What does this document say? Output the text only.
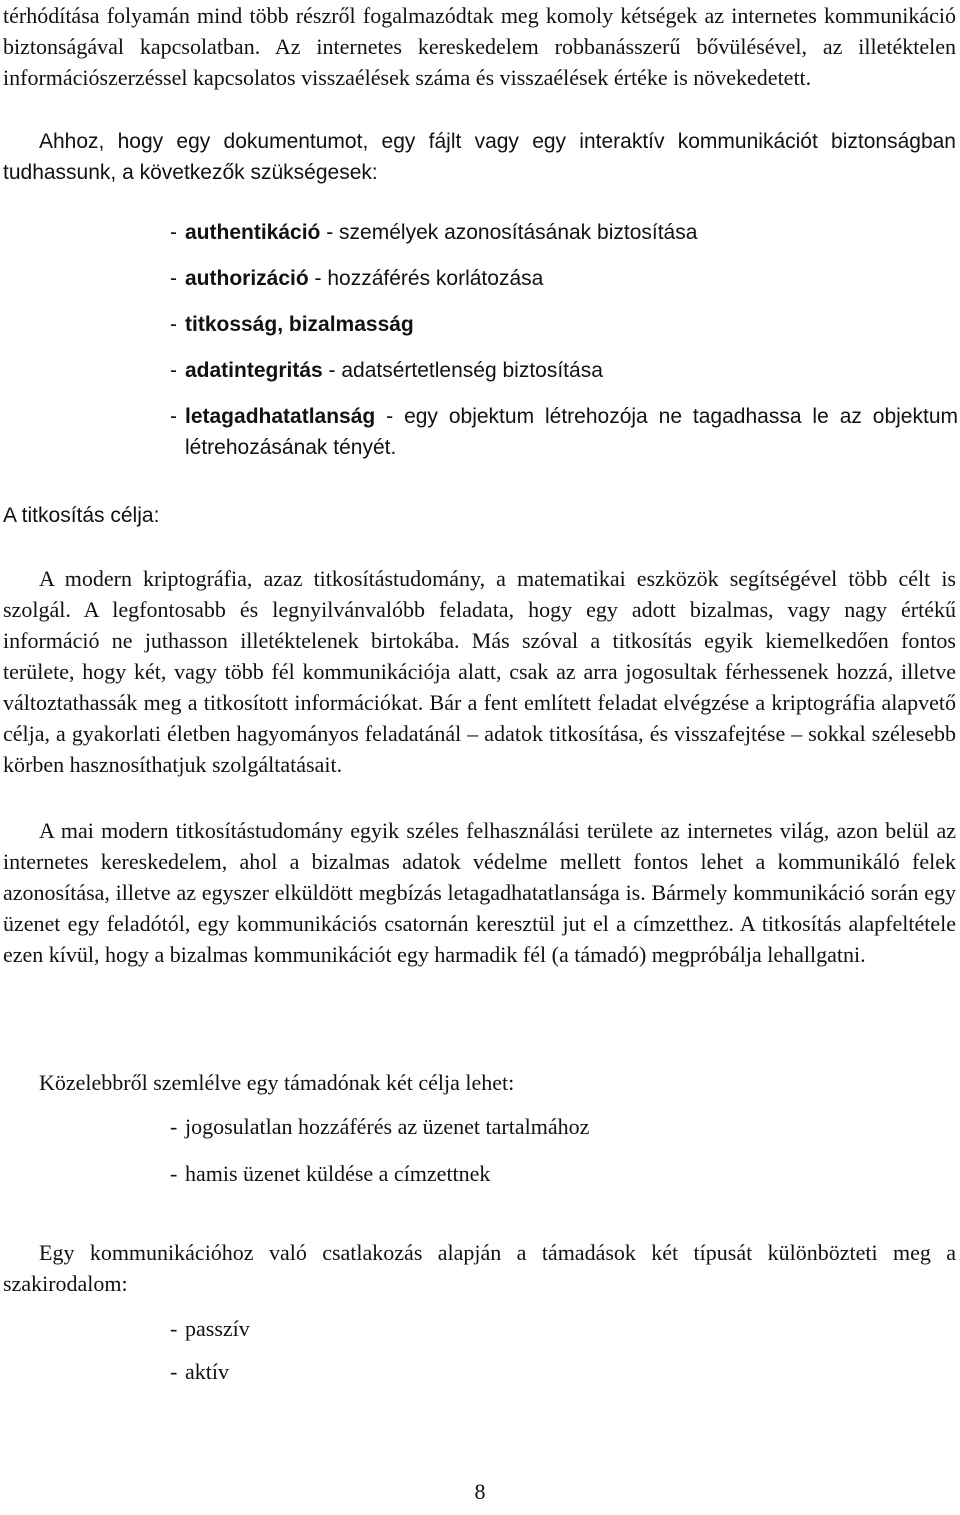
térhódítása folyamán mind több részről fogalmazódtak meg komoly kétségek az internetes kommunikáció biztonságával kapcsolatban. Az internetes kereskedelem robbanásszerű bővülésével, az illetéktelen információszerzéssel kapcsolatos visszaélések száma és visszaélések értéke is növekedetett.

Ahhoz, hogy egy dokumentumot, egy fájlt vagy egy interaktív kommunikációt biztonságban tudhassunk, a következők szükségesek:

- authentikáció - személyek azonosításának biztosítása
- authorizáció - hozzáférés korlátozása
- titkosság, bizalmasság
- adatintegritás - adatsértetlenség biztosítása
- letagadhatatlanság - egy objektum létrehozója ne tagadhassa le az objektum létrehozásának tényét.
A titkosítás célja:

A modern kriptográfia, azaz titkosítástudomány, a matematikai eszközök segítségével több célt is szolgál. A legfontosabb és legnyilvánvalóbb feladata, hogy egy adott bizalmas, vagy nagy értékű információ ne juthasson illetéktelenek birtokába. Más szóval a titkosítás egyik kiemelkedően fontos területe, hogy két, vagy több fél kommunikációja alatt, csak az arra jogosultak férhessenek hozzá, illetve változtathassák meg a titkosított információkat. Bár a fent említett feladat elvégzése a kriptográfia alapvető célja, a gyakorlati életben hagyományos feladatánál – adatok titkosítása, és visszafejtése – sokkal szélesebb körben hasznosíthatjuk szolgáltatásait.

A mai modern titkosítástudomány egyik széles felhasználási területe az internetes világ, azon belül az internetes kereskedelem, ahol a bizalmas adatok védelme mellett fontos lehet a kommunikáló felek azonosítása, illetve az egyszer elküldött megbízás letagadhatatlansága is. Bármely kommunikáció során egy üzenet egy feladótól, egy kommunikációs csatornán keresztül jut el a címzetthez. A titkosítás alapfeltétele ezen kívül, hogy a bizalmas kommunikációt egy harmadik fél (a támadó) megpróbálja lehallgatni.

Közelebbről szemlélve egy támadónak két célja lehet:

- jogosulatlan hozzáférés az üzenet tartalmához
- hamis üzenet küldése a címzettnek

Egy kommunikációhoz való csatlakozás alapján a támadások két típusát különbözteti meg a szakirodalom:

- passzív
- aktív
8
